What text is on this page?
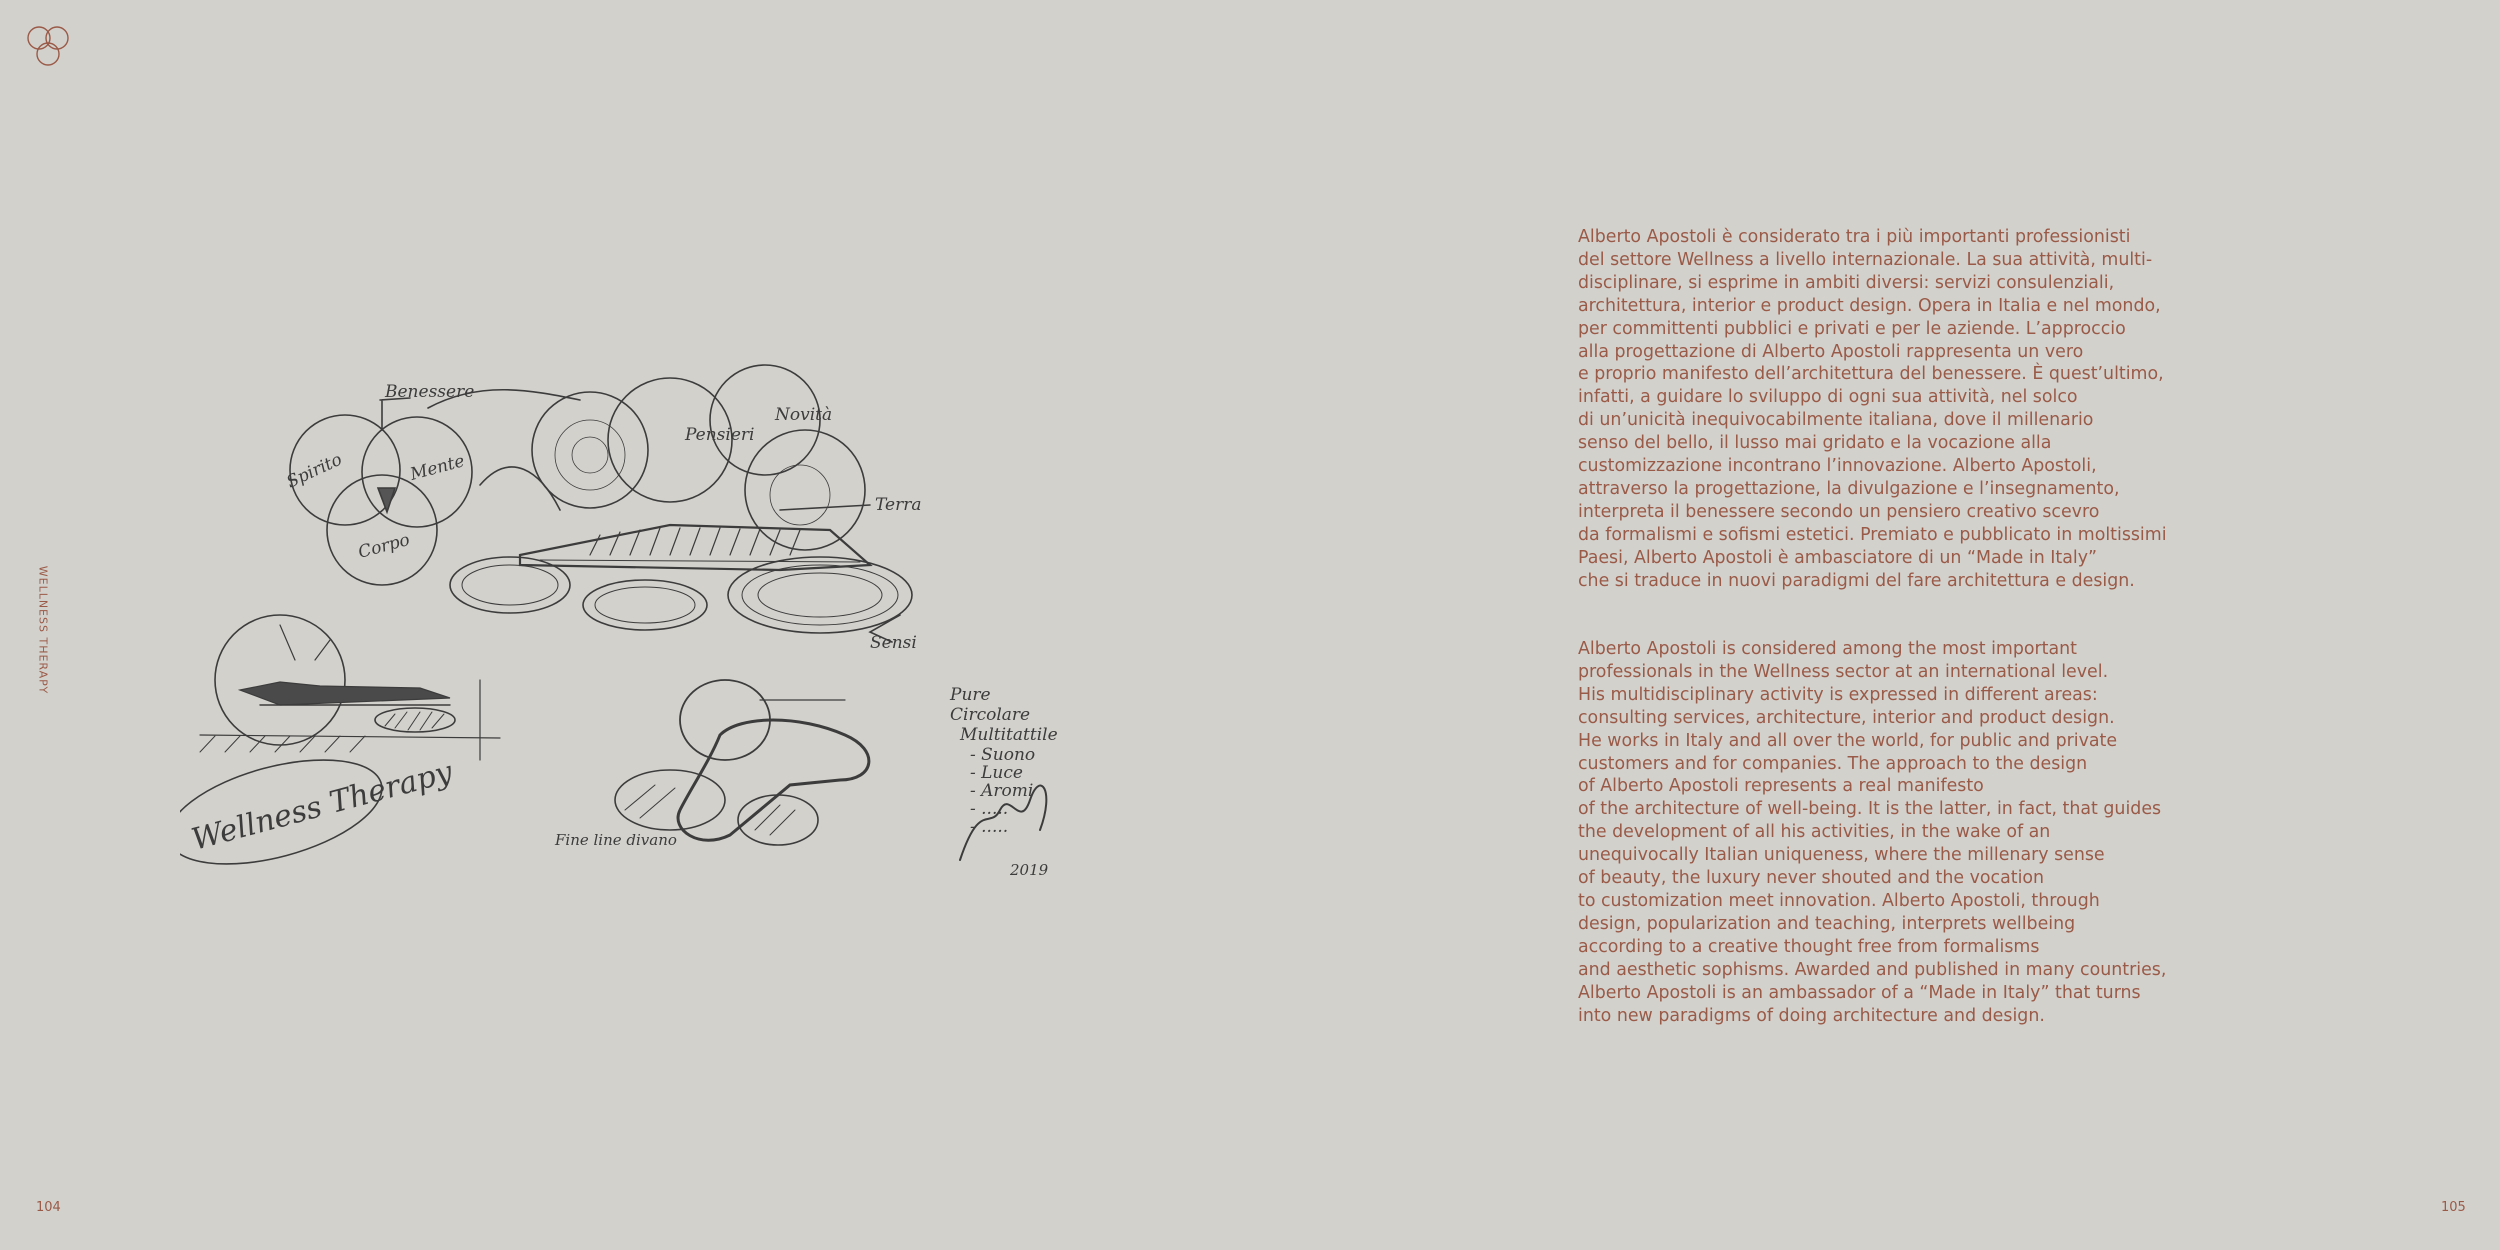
WELLNESS THERAPY
104	105
Benessere
Spirito	Mente
Corpo
Pensieri
Novità
Terra
Sensi
Pure
Circolare
Multitattile
- Suono
- Luce
- Aromi
- .....
- .....
Wellness Therapy	Fine line divano
2019
Alberto Apostoli è considerato tra i più importanti professionisti
del settore Wellness a livello internazionale. La sua attività, multi-
disciplinare, si esprime in ambiti diversi: servizi consulenziali,
architettura, interior e product design. Opera in Italia e nel mondo,
per committenti pubblici e privati e per le aziende. L’approccio
alla progettazione di Alberto Apostoli rappresenta un vero
e proprio manifesto dell’architettura del benessere. È quest’ultimo,
infatti, a guidare lo sviluppo di ogni sua attività, nel solco
di un’unicità inequivocabilmente italiana, dove il millenario
senso del bello, il lusso mai gridato e la vocazione alla
customizzazione incontrano l’innovazione. Alberto Apostoli,
attraverso la progettazione, la divulgazione e l’insegnamento,
interpreta il benessere secondo un pensiero creativo scevro
da formalismi e sofismi estetici. Premiato e pubblicato in moltissimi
Paesi, Alberto Apostoli è ambasciatore di un “Made in Italy”
che si traduce in nuovi paradigmi del fare architettura e design.
Alberto Apostoli is considered among the most important
professionals in the Wellness sector at an international level.
His multidisciplinary activity is expressed in different areas:
consulting services, architecture, interior and product design.
He works in Italy and all over the world, for public and private
customers and for companies. The approach to the design
of Alberto Apostoli represents a real manifesto
of the architecture of well-being. It is the latter, in fact, that guides
the development of all his activities, in the wake of an
unequivocally Italian uniqueness, where the millenary sense
of beauty, the luxury never shouted and the vocation
to customization meet innovation. Alberto Apostoli, through
design, popularization and teaching, interprets wellbeing
according to a creative thought free from formalisms
and aesthetic sophisms. Awarded and published in many countries,
Alberto Apostoli is an ambassador of a “Made in Italy” that turns
into new paradigms of doing architecture and design.
